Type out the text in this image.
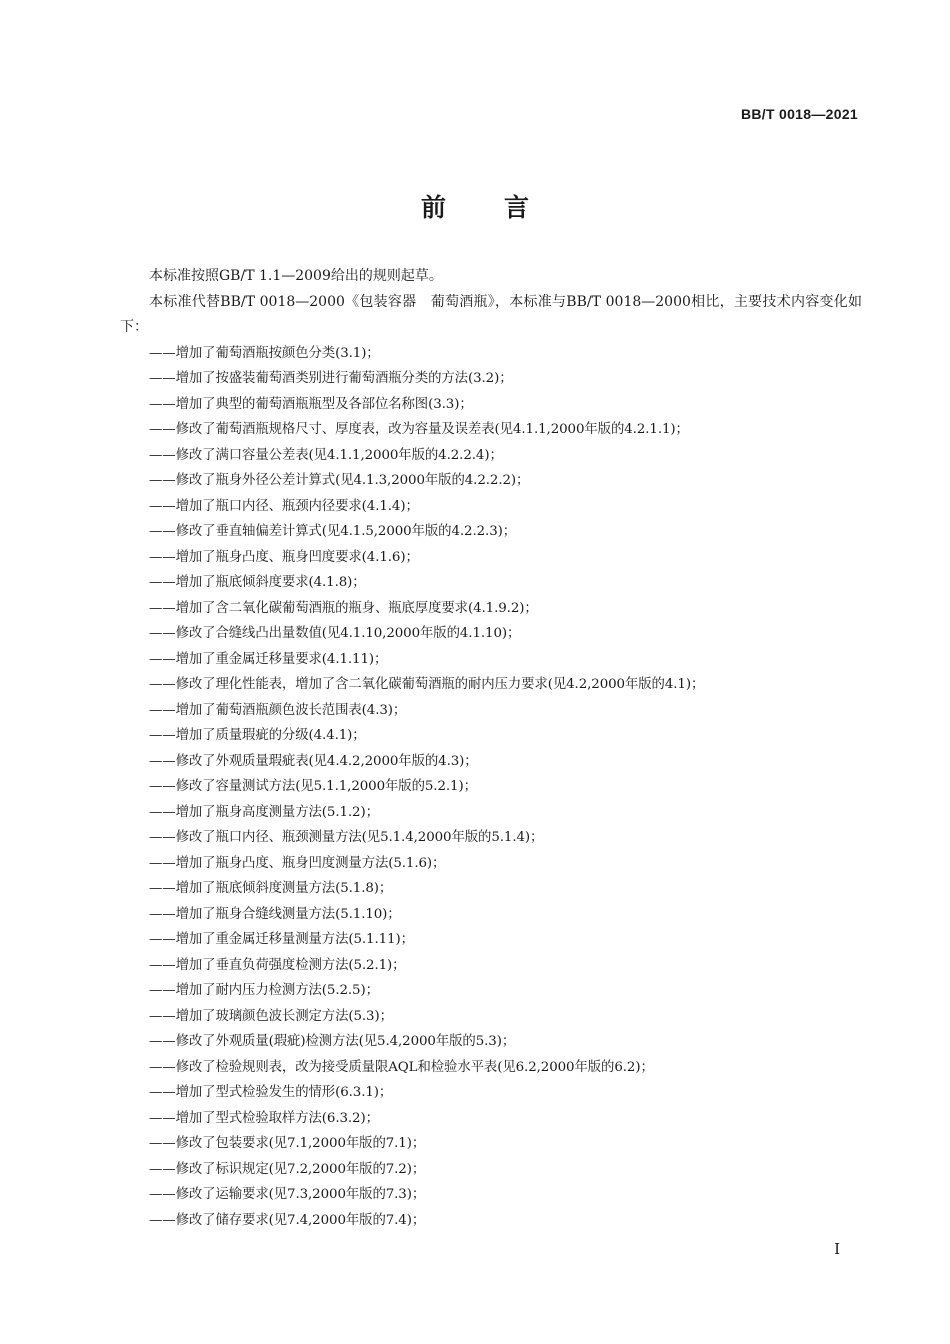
BB/T 0018—2021
前言

本标准按照GB/T 1.1—2009给出的规则起草。

本标准代替BB/T 0018—2000《包装容器　葡萄酒瓶》，本标准与BB/T 0018—2000相比，主要技术内容变化如下：

——增加了葡萄酒瓶按颜色分类(3.1)；
——增加了按盛装葡萄酒类别进行葡萄酒瓶分类的方法(3.2)；
——增加了典型的葡萄酒瓶瓶型及各部位名称图(3.3)；
——修改了葡萄酒瓶规格尺寸、厚度表，改为容量及误差表(见4.1.1,2000年版的4.2.1.1)；
——修改了满口容量公差表(见4.1.1,2000年版的4.2.2.4)；
——修改了瓶身外径公差计算式(见4.1.3,2000年版的4.2.2.2)；
——增加了瓶口内径、瓶颈内径要求(4.1.4)；
——修改了垂直轴偏差计算式(见4.1.5,2000年版的4.2.2.3)；
——增加了瓶身凸度、瓶身凹度要求(4.1.6)；
——增加了瓶底倾斜度要求(4.1.8)；
——增加了含二氧化碳葡萄酒瓶的瓶身、瓶底厚度要求(4.1.9.2)；
——修改了合缝线凸出量数值(见4.1.10,2000年版的4.1.10)；
——增加了重金属迁移量要求(4.1.11)；
——修改了理化性能表，增加了含二氧化碳葡萄酒瓶的耐内压力要求(见4.2,2000年版的4.1)；
——增加了葡萄酒瓶颜色波长范围表(4.3)；
——增加了质量瑕疵的分级(4.4.1)；
——修改了外观质量瑕疵表(见4.4.2,2000年版的4.3)；
——修改了容量测试方法(见5.1.1,2000年版的5.2.1)；
——增加了瓶身高度测量方法(5.1.2)；
——修改了瓶口内径、瓶颈测量方法(见5.1.4,2000年版的5.1.4)；
——增加了瓶身凸度、瓶身凹度测量方法(5.1.6)；
——增加了瓶底倾斜度测量方法(5.1.8)；
——增加了瓶身合缝线测量方法(5.1.10)；
——增加了重金属迁移量测量方法(5.1.11)；
——增加了垂直负荷强度检测方法(5.2.1)；
——增加了耐内压力检测方法(5.2.5)；
——增加了玻璃颜色波长测定方法(5.3)；
——修改了外观质量(瑕疵)检测方法(见5.4,2000年版的5.3)；
——修改了检验规则表，改为接受质量限AQL和检验水平表(见6.2,2000年版的6.2)；
——增加了型式检验发生的情形(6.3.1)；
——增加了型式检验取样方法(6.3.2)；
——修改了包装要求(见7.1,2000年版的7.1)；
——修改了标识规定(见7.2,2000年版的7.2)；
——修改了运输要求(见7.3,2000年版的7.3)；
——修改了储存要求(见7.4,2000年版的7.4)；
I
